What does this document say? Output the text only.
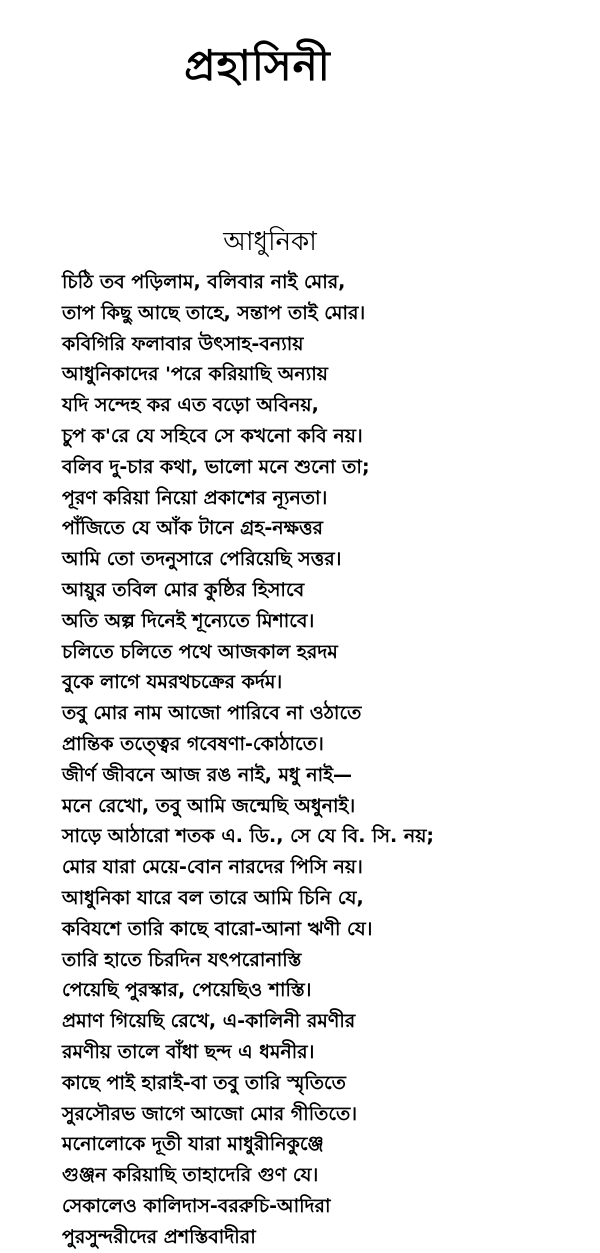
প্রহাসিনী
আধুনিকা
চিঠি তব পড়িলাম, বলিবার নাই মোর,
তাপ কিছু আছে তাহে, সন্তাপ তাই মোর।
কবিগিরি ফলাবার উৎসাহ-বন্যায়
আধুনিকাদের 'পরে করিয়াছি অন্যায়
যদি সন্দেহ কর এত বড়ো অবিনয়,
চুপ ক'রে যে সহিবে সে কখনো কবি নয়।
বলিব দু-চার কথা, ভালো মনে শুনো তা;
পূরণ করিয়া নিয়ো প্রকাশের ন্যূনতা।
পাঁজিতে যে আঁক টানে গ্রহ-নক্ষত্তর
আমি তো তদনুসারে পেরিয়েছি সত্তর।
আয়ুর তবিল মোর কুষ্ঠির হিসাবে
অতি অল্প দিনেই শূন্যেতে মিশাবে।
চলিতে চলিতে পথে আজকাল হরদম
বুকে লাগে যমরথচক্রের কর্দম।
তবু মোর নাম আজো পারিবে না ওঠাতে
প্রান্তিক তত্ত্বের গবেষণা-কোঠাতে।
জীর্ণ জীবনে আজ রঙ নাই, মধু নাই—
মনে রেখো, তবু আমি জন্মেছি অধুনাই।
সাড়ে আঠারো শতক এ. ডি., সে যে বি. সি. নয়;
মোর যারা মেয়ে-বোন নারদের পিসি নয়।
আধুনিকা যারে বল তারে আমি চিনি যে,
কবিযশে তারি কাছে বারো-আনা ঋণী যে।
তারি হাতে চিরদিন যৎপরোনাস্তি
পেয়েছি পুরস্কার, পেয়েছিও শাস্তি।
প্রমাণ গিয়েছি রেখে, এ-কালিনী রমণীর
রমণীয় তালে বাঁধা ছন্দ এ ধমনীর।
কাছে পাই হারাই-বা তবু তারি স্মৃতিতে
সুরসৌরভ জাগে আজো মোর গীতিতে।
মনোলোকে দূতী যারা মাধুরীনিকুঞ্জে
গুঞ্জন করিয়াছি তাহাদেরি গুণ যে।
সেকালেও কালিদাস-বররুচি-আদিরা
পুরসুন্দরীদের প্রশস্তিবাদীরা
